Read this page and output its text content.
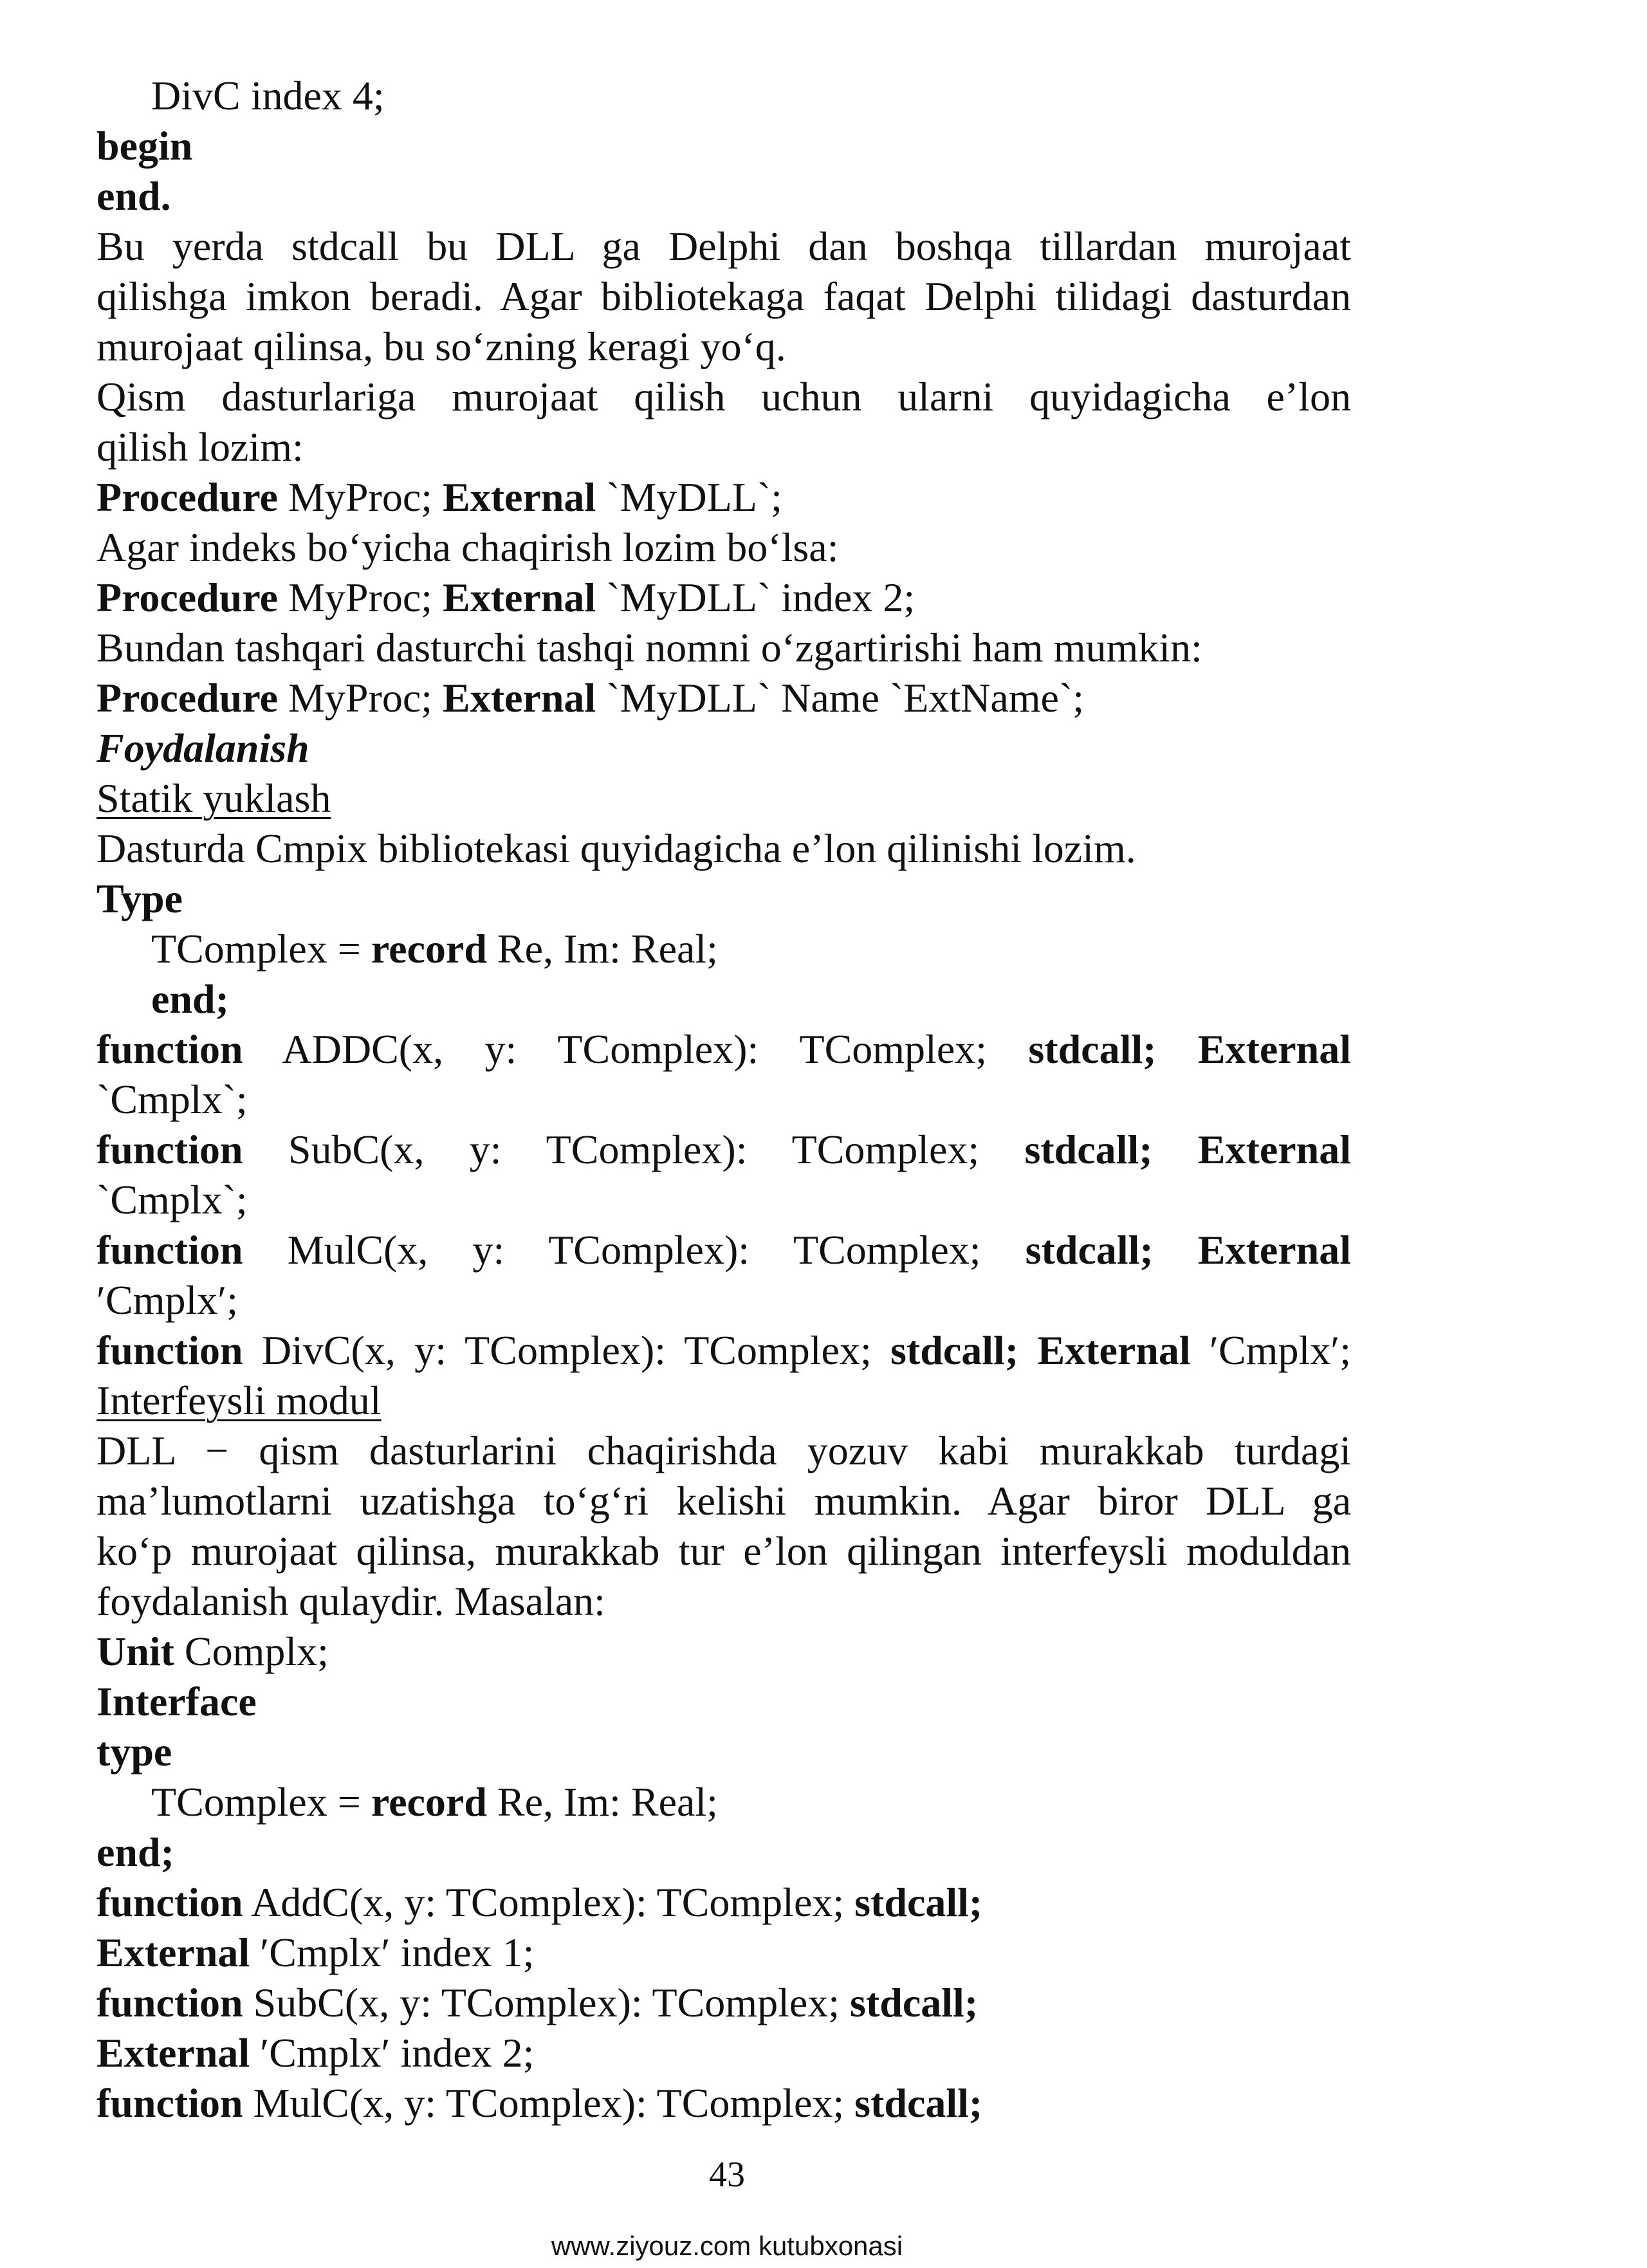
DivC index 4;
begin
end.
Bu yerda stdcall bu DLL ga Delphi dan boshqa tillardan murojaat
qilishga imkon beradi. Agar bibliotekaga faqat Delphi tilidagi dasturdan
murojaat qilinsa, bu so‘zning keragi yo‘q.
Qism dasturlariga murojaat qilish uchun ularni quyidagicha e’lon
qilish lozim:
Procedure MyProc; External `MyDLL`;
Agar indeks bo‘yicha chaqirish lozim bo‘lsa:
Procedure MyProc; External `MyDLL` index 2;
Bundan tashqari dasturchi tashqi nomni o‘zgartirishi ham mumkin:
Procedure MyProc; External `MyDLL` Name `ExtName`;
Foydalanish
Statik yuklash
Dasturda Cmpix bibliotekasi quyidagicha e’lon qilinishi lozim.
Type
TComplex = record Re, Im: Real;
end;
function ADDC(x, y: TComplex): TComplex; stdcall; External
`Cmplx`;
function SubC(x, y: TComplex): TComplex; stdcall; External
`Cmplx`;
function MulC(x, y: TComplex): TComplex; stdcall; External
′Cmplx′;
function DivC(x, y: TComplex): TComplex; stdcall; External ′Cmplx′;
Interfeysli modul
DLL − qism dasturlarini chaqirishda yozuv kabi murakkab turdagi
ma’lumotlarni uzatishga to‘g‘ri kelishi mumkin. Agar biror DLL ga
ko‘p murojaat qilinsa, murakkab tur e’lon qilingan interfeysli moduldan
foydalanish qulaydir. Masalan:
Unit Complx;
Interface
type
TComplex = record Re, Im: Real;
end;
function AddC(x, y: TComplex): TComplex; stdcall;
External ′Cmplx′ index 1;
function SubC(x, y: TComplex): TComplex; stdcall;
External ′Cmplx′ index 2;
function MulC(x, y: TComplex): TComplex; stdcall;
43
www.ziyouz.com kutubxonasi
